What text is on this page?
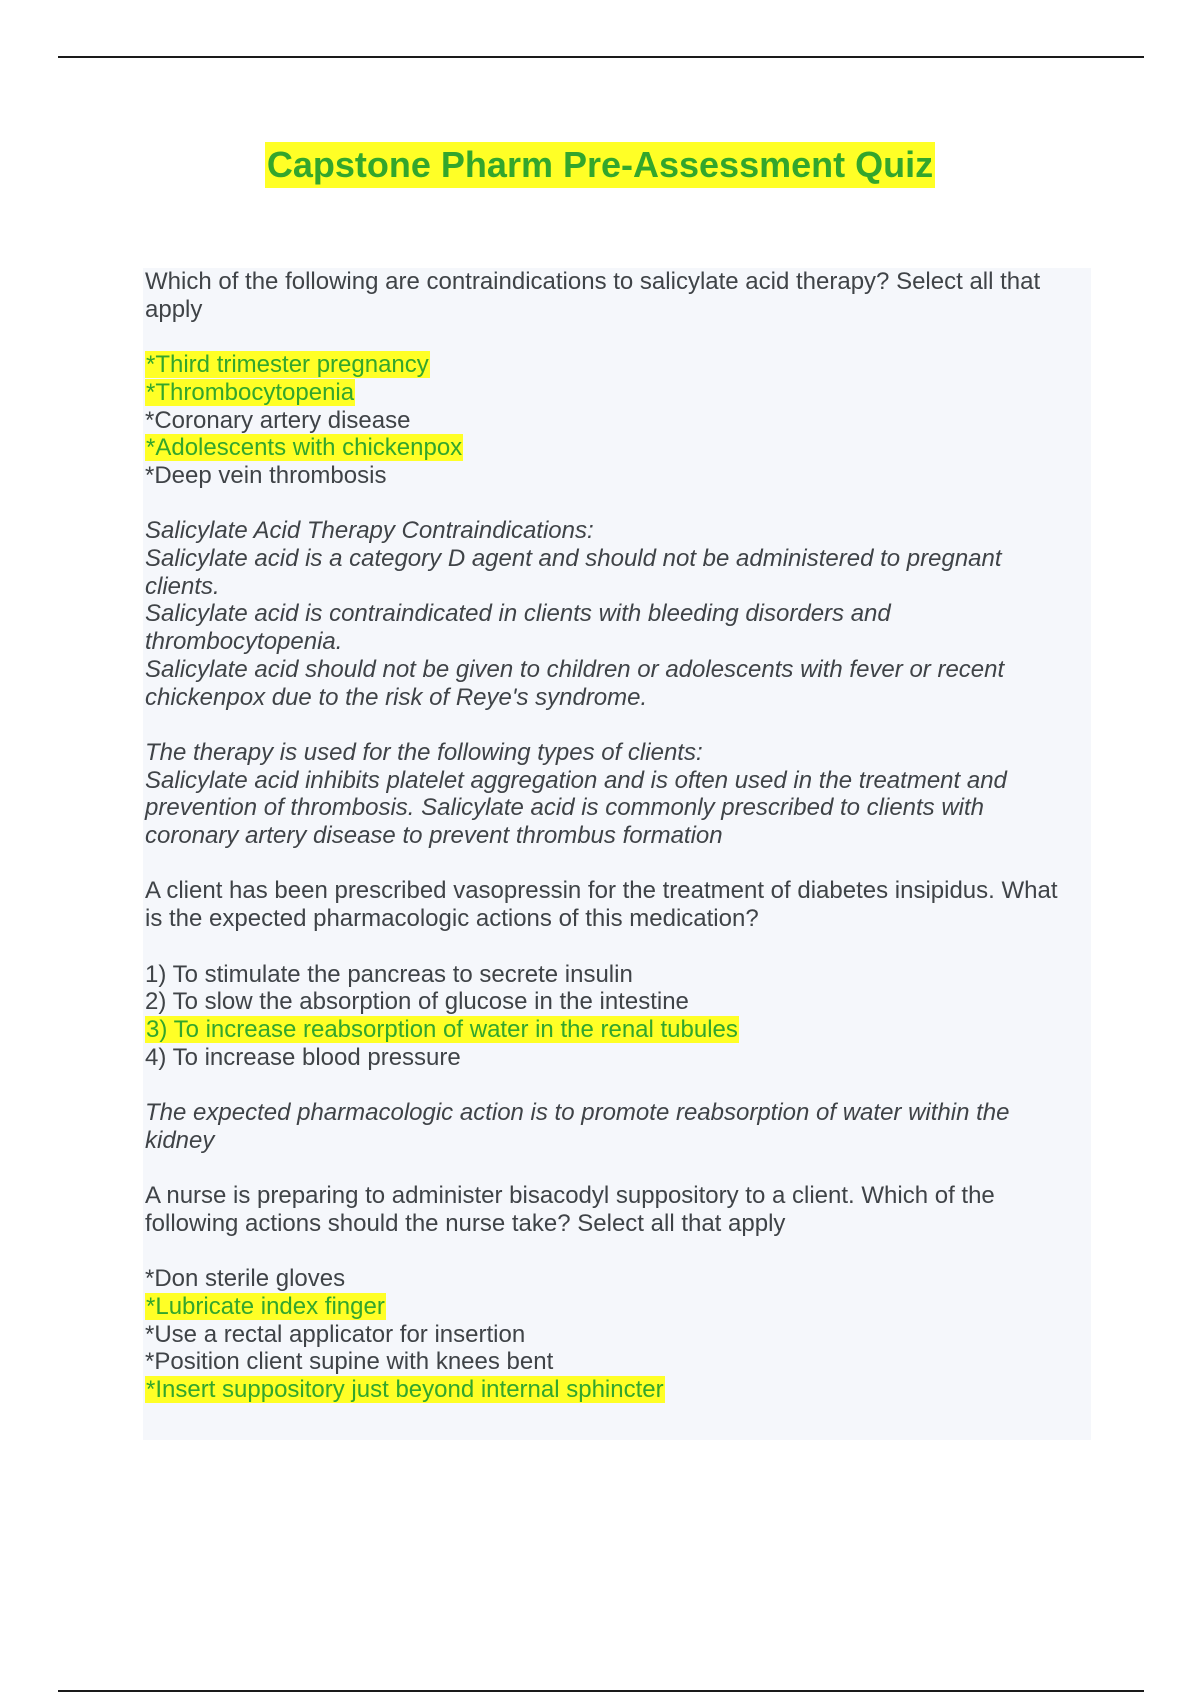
Capstone Pharm Pre-Assessment Quiz
Which of the following are contraindications to salicylate acid therapy? Select all that
apply
*Third trimester pregnancy
*Thrombocytopenia
*Coronary artery disease
*Adolescents with chickenpox
*Deep vein thrombosis
Salicylate Acid Therapy Contraindications:
Salicylate acid is a category D agent and should not be administered to pregnant
clients.
Salicylate acid is contraindicated in clients with bleeding disorders and
thrombocytopenia.
Salicylate acid should not be given to children or adolescents with fever or recent
chickenpox due to the risk of Reye's syndrome.
The therapy is used for the following types of clients:
Salicylate acid inhibits platelet aggregation and is often used in the treatment and
prevention of thrombosis. Salicylate acid is commonly prescribed to clients with
coronary artery disease to prevent thrombus formation
A client has been prescribed vasopressin for the treatment of diabetes insipidus. What
is the expected pharmacologic actions of this medication?
1) To stimulate the pancreas to secrete insulin
2) To slow the absorption of glucose in the intestine
3) To increase reabsorption of water in the renal tubules
4) To increase blood pressure
The expected pharmacologic action is to promote reabsorption of water within the
kidney
A nurse is preparing to administer bisacodyl suppository to a client. Which of the
following actions should the nurse take? Select all that apply
*Don sterile gloves
*Lubricate index finger
*Use a rectal applicator for insertion
*Position client supine with knees bent
*Insert suppository just beyond internal sphincter
